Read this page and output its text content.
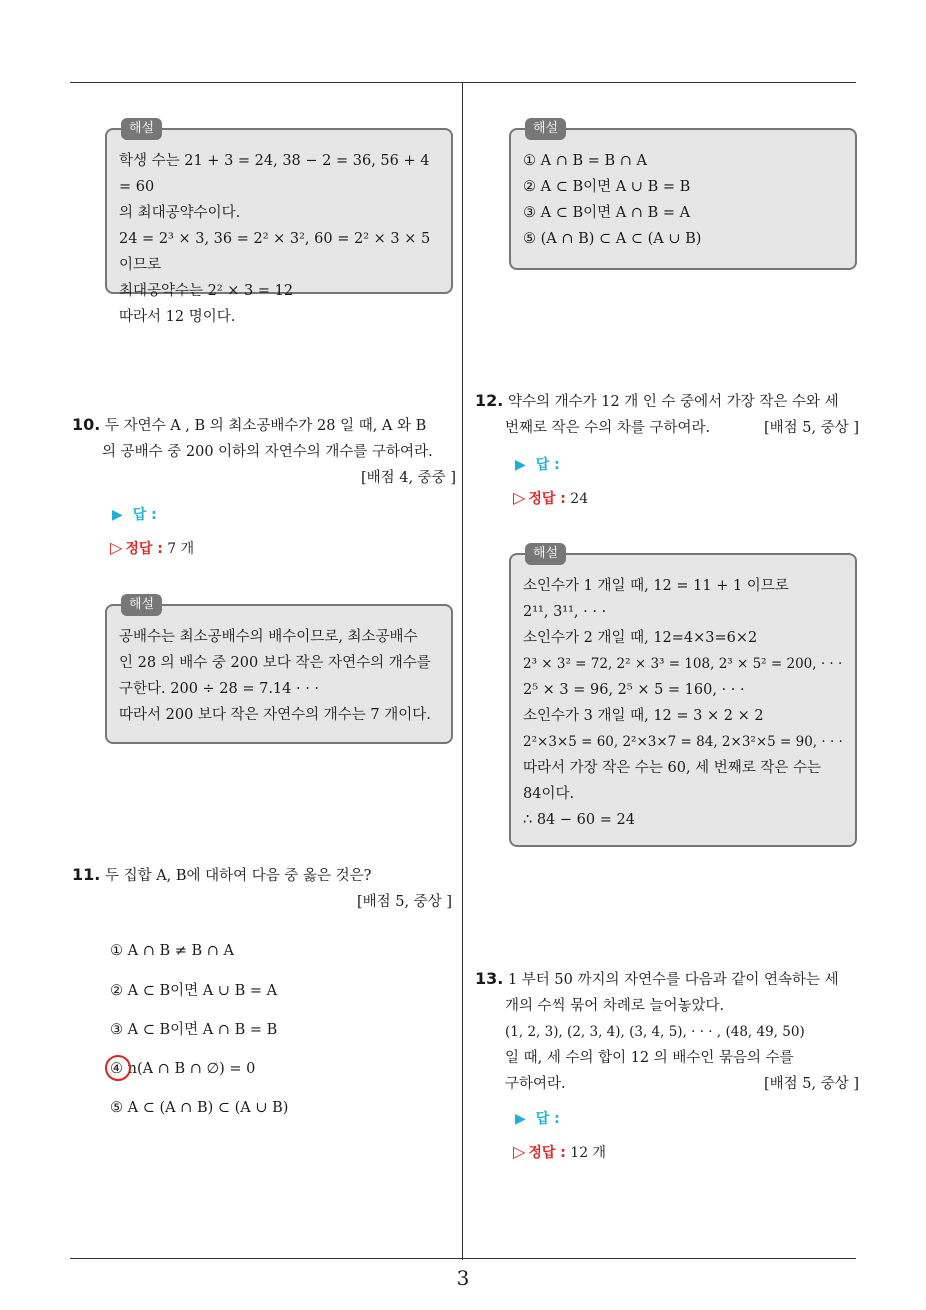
해설
학생 수는 21 + 3 = 24, 38 − 2 = 36, 56 + 4 = 60
의 최대공약수이다.
24 = 2³ × 3, 36 = 2² × 3², 60 = 2² × 3 × 5이므로
최대공약수는 2² × 3 = 12
따라서 12 명이다.
10. 두 자연수 A , B 의 최소공배수가 28 일 때, A 와 B
의 공배수 중 200 이하의 자연수의 개수를 구하여라.
[배점 4, 중중 ]
▶ 답 :
▷ 정답 : 7 개
해설
공배수는 최소공배수의 배수이므로, 최소공배수
인 28 의 배수 중 200 보다 작은 자연수의 개수를
구한다. 200 ÷ 28 = 7.14 · · ·
따라서 200 보다 작은 자연수의 개수는 7 개이다.
11. 두 집합 A, B에 대하여 다음 중 옳은 것은?
[배점 5, 중상 ]
① A ∩ B ≠ B ∩ A
② A ⊂ B이면 A ∪ B = A
③ A ⊂ B이면 A ∩ B = B
④ n(A ∩ B ∩ ∅) = 0
⑤ A ⊂ (A ∩ B) ⊂ (A ∪ B)
해설
① A ∩ B = B ∩ A
② A ⊂ B이면 A ∪ B = B
③ A ⊂ B이면 A ∩ B = A
⑤ (A ∩ B) ⊂ A ⊂ (A ∪ B)
12. 약수의 개수가 12 개 인 수 중에서 가장 작은 수와 세
번째로 작은 수의 차를 구하여라.	[배점 5, 중상 ]
▶ 답 :
▷ 정답 : 24
해설
소인수가 1 개일 때, 12 = 11 + 1 이므로
2¹¹, 3¹¹, · · ·
소인수가 2 개일 때, 12=4×3=6×2
2³ × 3² = 72, 2² × 3³ = 108, 2³ × 5² = 200, · · ·
2⁵ × 3 = 96, 2⁵ × 5 = 160, · · ·
소인수가 3 개일 때, 12 = 3 × 2 × 2
2²×3×5 = 60, 2²×3×7 = 84, 2×3²×5 = 90, · · ·
따라서 가장 작은 수는 60, 세 번째로 작은 수는
84이다.
∴ 84 − 60 = 24
13. 1 부터 50 까지의 자연수를 다음과 같이 연속하는 세
개의 수씩 묶어 차례로 늘어놓았다.
(1, 2, 3), (2, 3, 4), (3, 4, 5), · · · , (48, 49, 50)
일 때, 세 수의 합이 12 의 배수인 묶음의 수를
구하여라.	[배점 5, 중상 ]
▶ 답 :
▷ 정답 : 12 개
3
